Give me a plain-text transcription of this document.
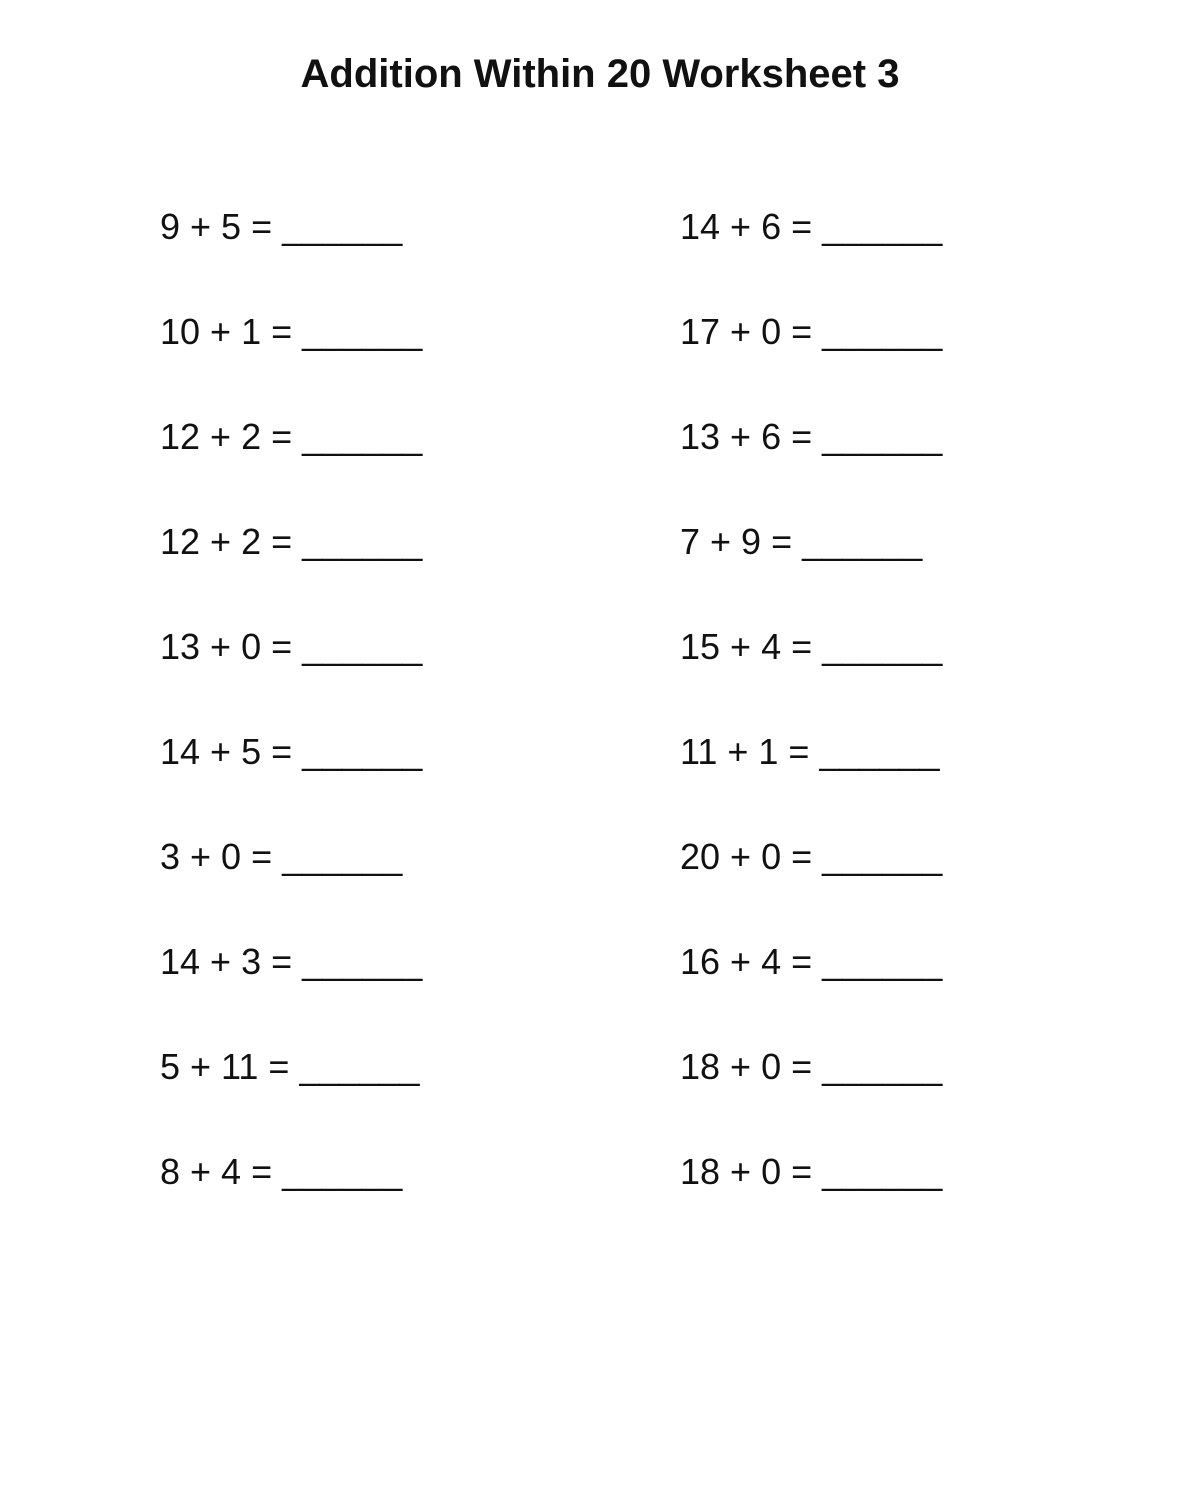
Addition Within 20 Worksheet 3
9 + 5 = ______
10 + 1 = ______
12 + 2 = ______
12 + 2 = ______
13 + 0 = ______
14 + 5 = ______
3 + 0 = ______
14 + 3 = ______
5 + 11 = ______
8 + 4 = ______
14 + 6 = ______
17 + 0 = ______
13 + 6 = ______
7 + 9 = ______
15 + 4 = ______
11 + 1 = ______
20 + 0 = ______
16 + 4 = ______
18 + 0 = ______
18 + 0 = ______
